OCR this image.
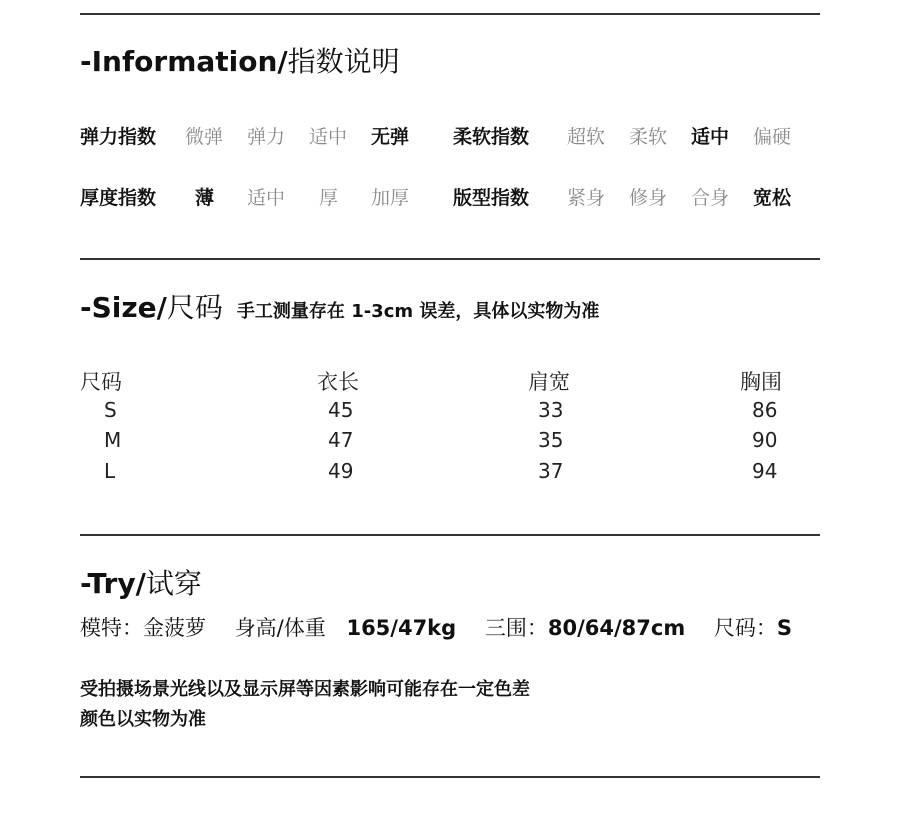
-Information/指数说明
弹力指数 微弹 弹力 适中 无弹 柔软指数 超软 柔软 适中 偏硬
厚度指数 薄 适中 厚 加厚 版型指数 紧身 修身 合身 宽松
-Size/尺码 手工测量存在 1-3cm 误差，具体以实物为准
尺码	衣长	肩宽	胸围
S	45	33	86
M	47	35	90
L	49	37	94
-Try/试穿
模特：金菠萝 身高/体重 165/47kg 三围：80/64/87cm 尺码：S
受拍摄场景光线以及显示屏等因素影响可能存在一定色差
颜色以实物为准
